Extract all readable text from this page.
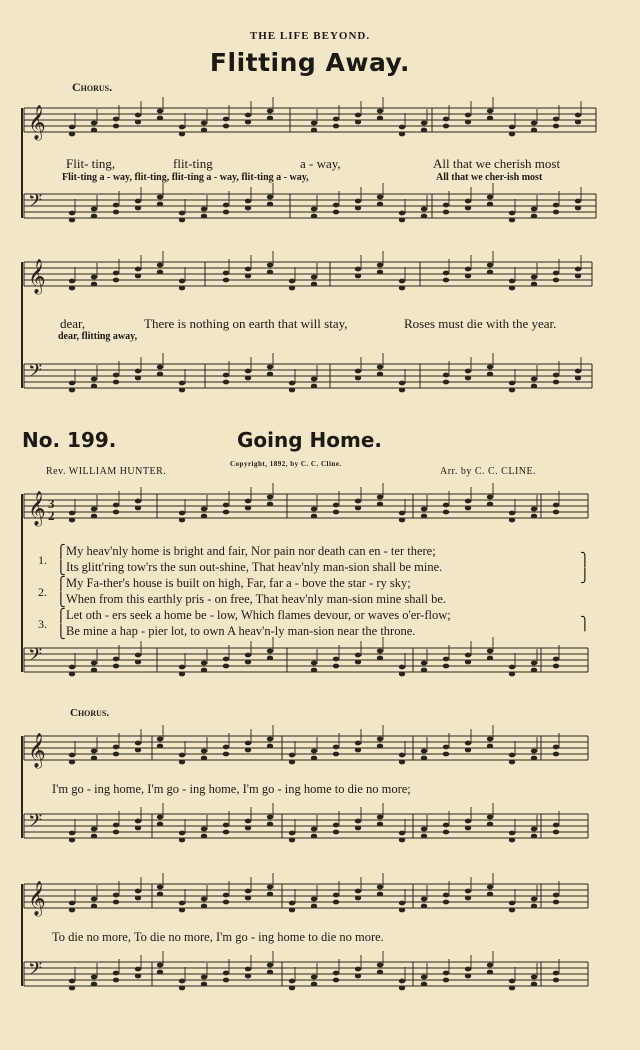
𝄞
𝄢
𝄞
𝄢
𝄞
𝄢
𝄞
𝄢
𝄞
𝄢
3
2
THE LIFE BEYOND.
Flitting Away.
Chorus.
Flit- ting,	flit-ting	a - way,	All that we cherish most
Flit-ting a - way, flit-ting, flit-ting a - way, flit-ting a - way,	All that we cher-ish most
dear,	There is nothing on earth that will stay,	Roses must die with the year.
dear, flitting away,
No. 199.	Going Home.
Copyright, 1892, by C. C. Cline.
Rev. WILLIAM HUNTER.	Arr. by C. C. CLINE.
1.
2.
3.
⎧
⎩
⎧
⎩
⎧
⎩
⎫
⎭
⎫
My heav'nly home is bright and fair, Nor pain nor death can en - ter there;
Its glitt'ring tow'rs the sun out-shine, That heav'nly man-sion shall be mine.
My Fa-ther's house is built on high, Far, far a - bove the star - ry sky;
When from this earthly pris - on free, That heav'nly man-sion mine shall be.
Let oth - ers seek a home be - low, Which flames devour, or waves o'er-flow;
Be mine a hap - pier lot, to own A heav'n-ly man-sion near the throne.
Chorus.
I'm go - ing home, I'm go - ing home, I'm go - ing home to die no more;
To die no more, To die no more, I'm go - ing home to die no more.
